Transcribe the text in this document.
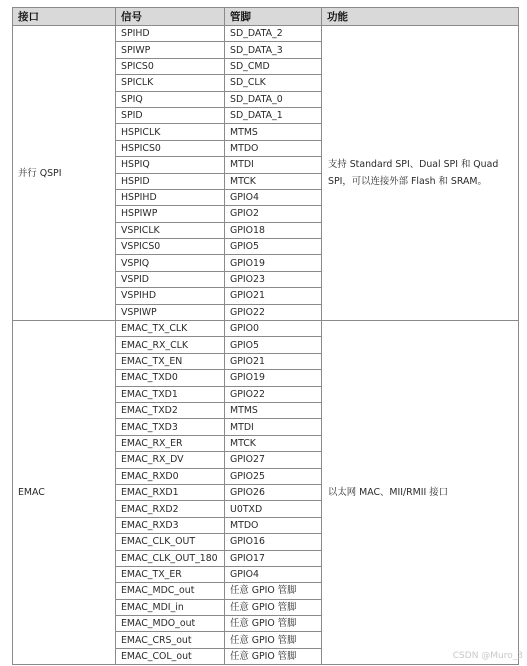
接口	信号	管脚	功能
并行 QSPI	SPIHD	SD_DATA_2	支持 Standard SPI、Dual SPI 和 Quad SPI，可以连接外部 Flash 和 SRAM。
	SPIWP	SD_DATA_3	
	SPICS0	SD_CMD	
	SPICLK	SD_CLK	
	SPIQ	SD_DATA_0	
	SPID	SD_DATA_1	
	HSPICLK	MTMS	
	HSPICS0	MTDO	
	HSPIQ	MTDI	
	HSPID	MTCK	
	HSPIHD	GPIO4	
	HSPIWP	GPIO2	
	VSPICLK	GPIO18	
	VSPICS0	GPIO5	
	VSPIQ	GPIO19	
	VSPID	GPIO23	
	VSPIHD	GPIO21	
	VSPIWP	GPIO22	
EMAC	EMAC_TX_CLK	GPIO0	以太网 MAC、MII/RMII 接口
	EMAC_RX_CLK	GPIO5	
	EMAC_TX_EN	GPIO21	
	EMAC_TXD0	GPIO19	
	EMAC_TXD1	GPIO22	
	EMAC_TXD2	MTMS	
	EMAC_TXD3	MTDI	
	EMAC_RX_ER	MTCK	
	EMAC_RX_DV	GPIO27	
	EMAC_RXD0	GPIO25	
	EMAC_RXD1	GPIO26	
	EMAC_RXD2	U0TXD	
	EMAC_RXD3	MTDO	
	EMAC_CLK_OUT	GPIO16	
	EMAC_CLK_OUT_180	GPIO17	
	EMAC_TX_ER	GPIO4	
	EMAC_MDC_out	任意 GPIO 管脚	
	EMAC_MDI_in	任意 GPIO 管脚	
	EMAC_MDO_out	任意 GPIO 管脚	
	EMAC_CRS_out	任意 GPIO 管脚	
	EMAC_COL_out	任意 GPIO 管脚		CSDN @Muro_3
